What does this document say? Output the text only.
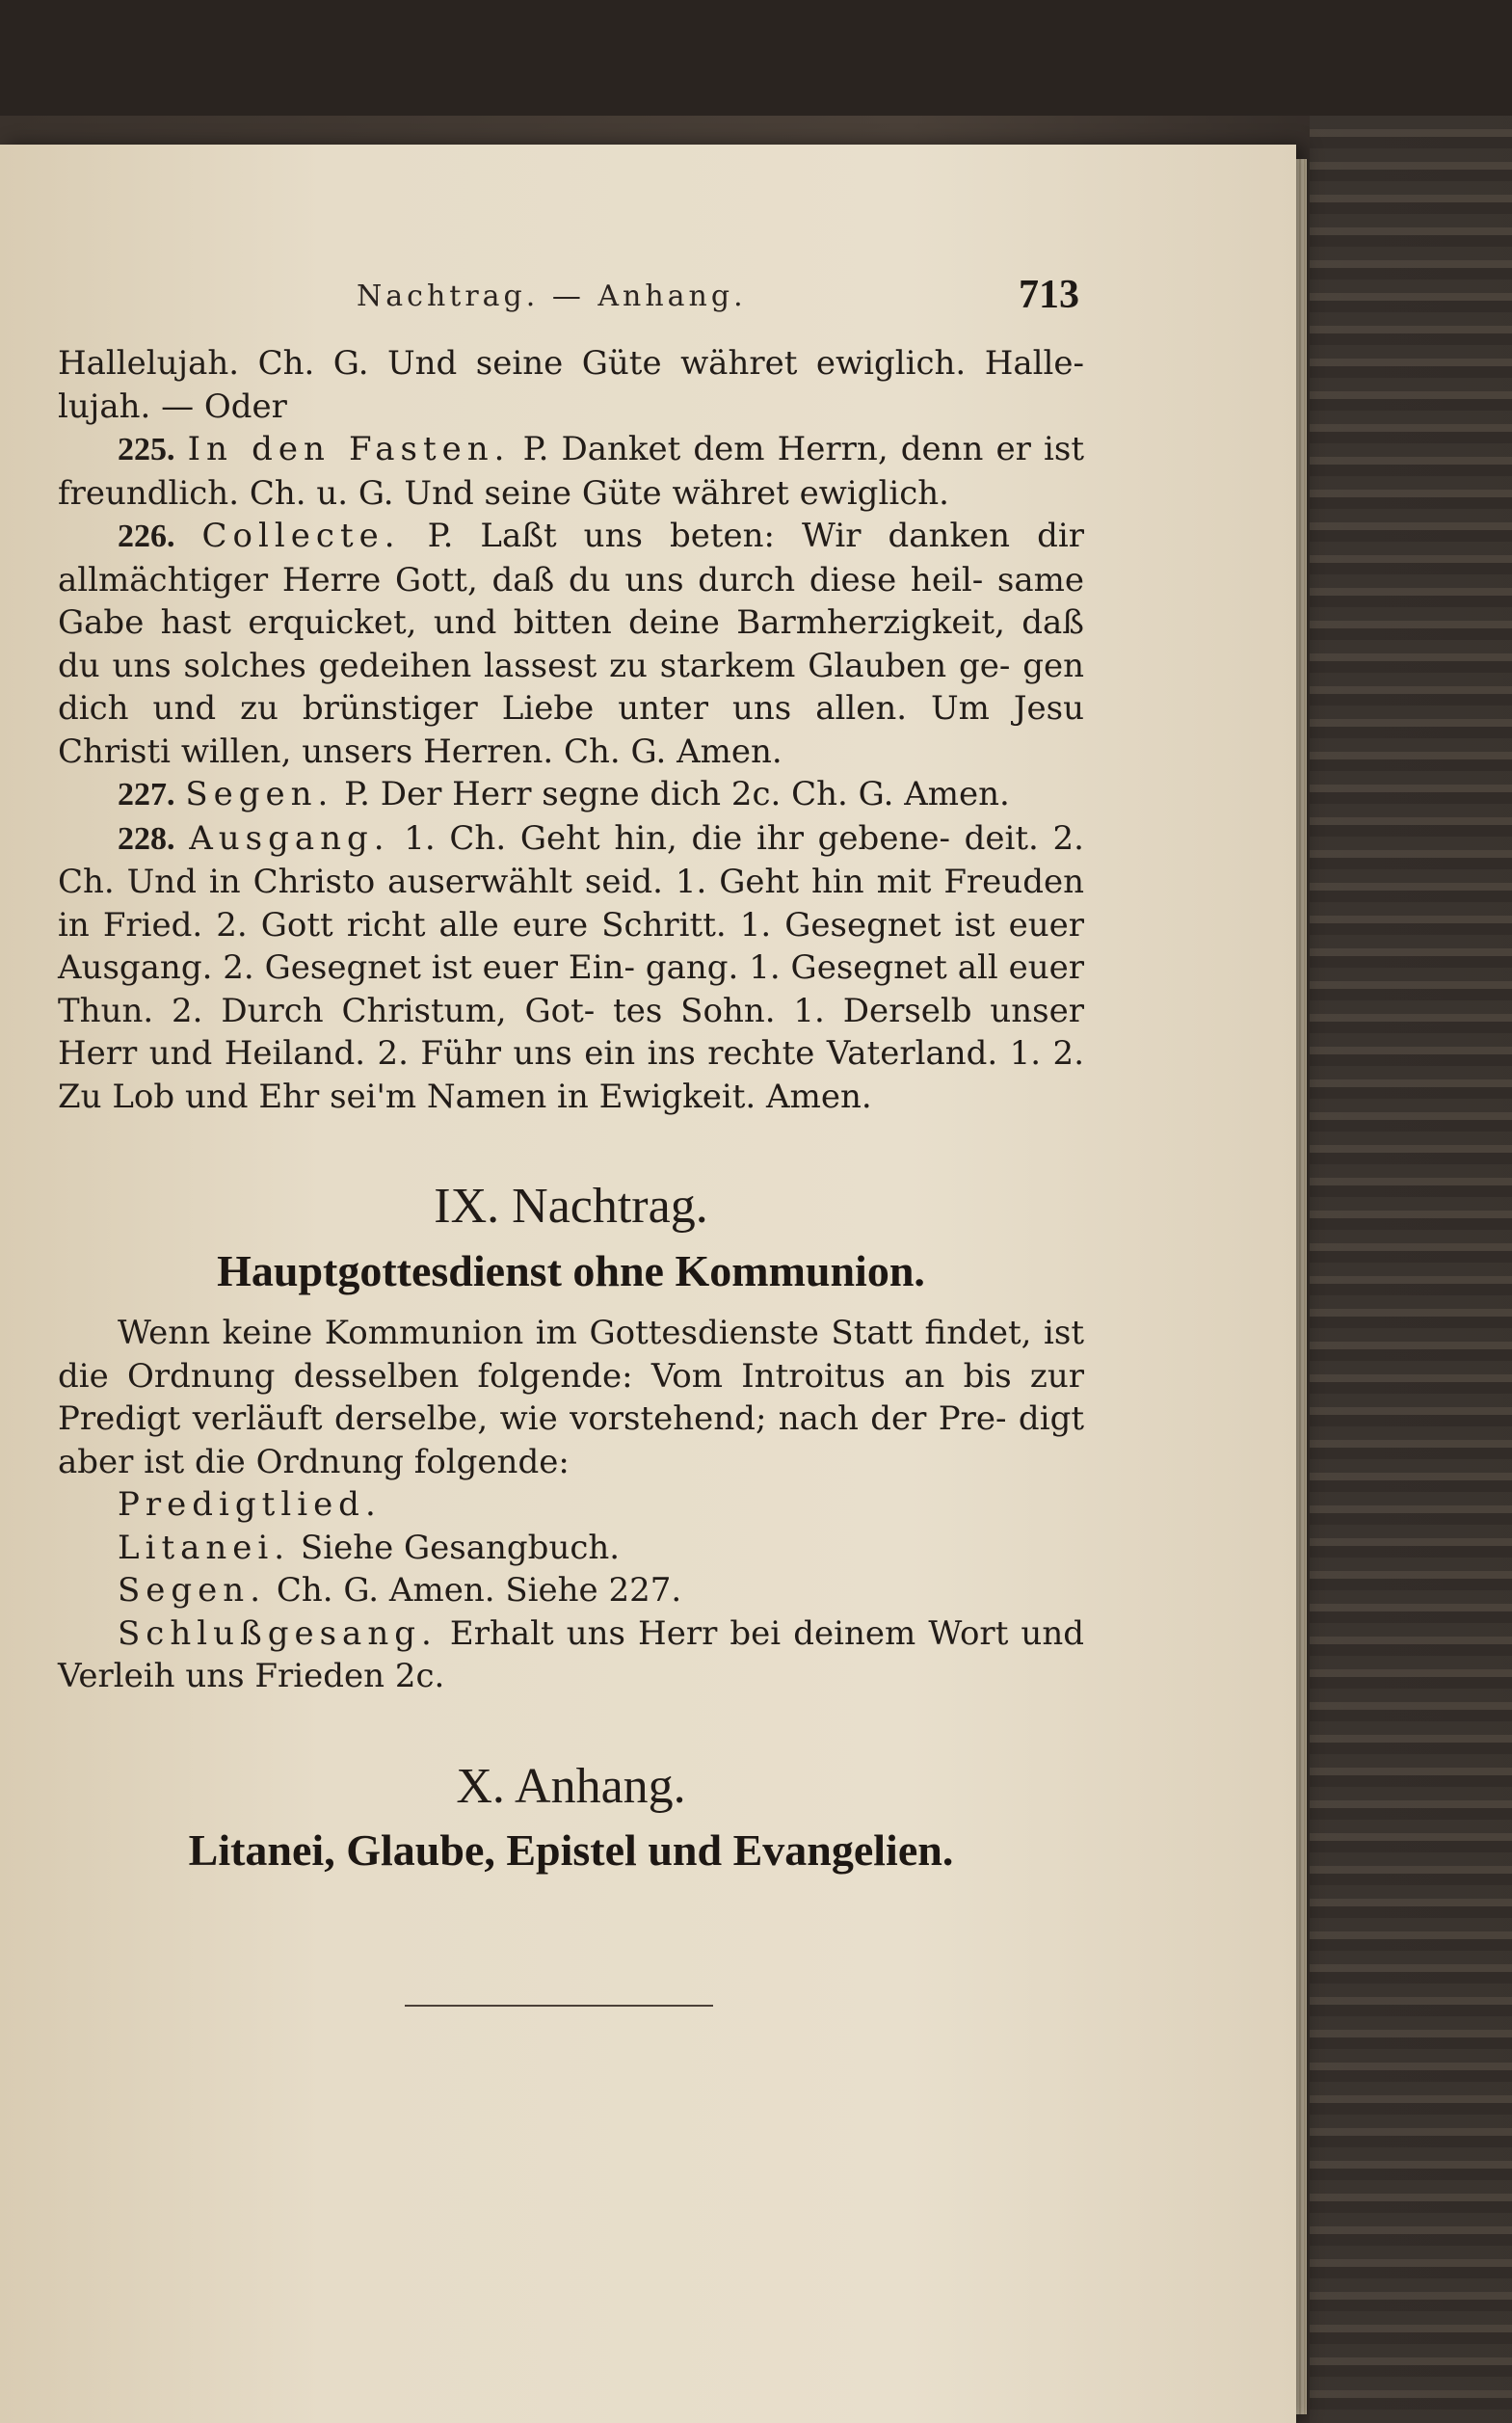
Nachtrag. — Anhang.	713

Hallelujah. Ch. G. Und seine Güte währet ewiglich. Halle- lujah. — Oder

225. In den Fasten. P. Danket dem Herrn, denn er ist freundlich. Ch. u. G. Und seine Güte währet ewiglich.

226. Collecte. P. Laßt uns beten: Wir danken dir allmächtiger Herre Gott, daß du uns durch diese heil- same Gabe hast erquicket, und bitten deine Barmherzigkeit, daß du uns solches gedeihen lassest zu starkem Glauben ge- gen dich und zu brünstiger Liebe unter uns allen. Um Jesu Christi willen, unsers Herren. Ch. G. Amen.

227. Segen. P. Der Herr segne dich 2c. Ch. G. Amen.

228. Ausgang. 1. Ch. Geht hin, die ihr gebene- deit. 2. Ch. Und in Christo auserwählt seid. 1. Geht hin mit Freuden in Fried. 2. Gott richt alle eure Schritt. 1. Gesegnet ist euer Ausgang. 2. Gesegnet ist euer Ein- gang. 1. Gesegnet all euer Thun. 2. Durch Christum, Got- tes Sohn. 1. Derselb unser Herr und Heiland. 2. Führ uns ein ins rechte Vaterland. 1. 2. Zu Lob und Ehr sei'm Namen in Ewigkeit. Amen.

IX. Nachtrag.
Hauptgottesdienst ohne Kommunion.

Wenn keine Kommunion im Gottesdienste Statt findet, ist die Ordnung desselben folgende: Vom Introitus an bis zur Predigt verläuft derselbe, wie vorstehend; nach der Pre- digt aber ist die Ordnung folgende:

Predigtlied.

Litanei. Siehe Gesangbuch.

Segen. Ch. G. Amen. Siehe 227.

Schlußgesang. Erhalt uns Herr bei deinem Wort und Verleih uns Frieden 2c.

X. Anhang.
Litanei, Glaube, Epistel und Evangelien.
